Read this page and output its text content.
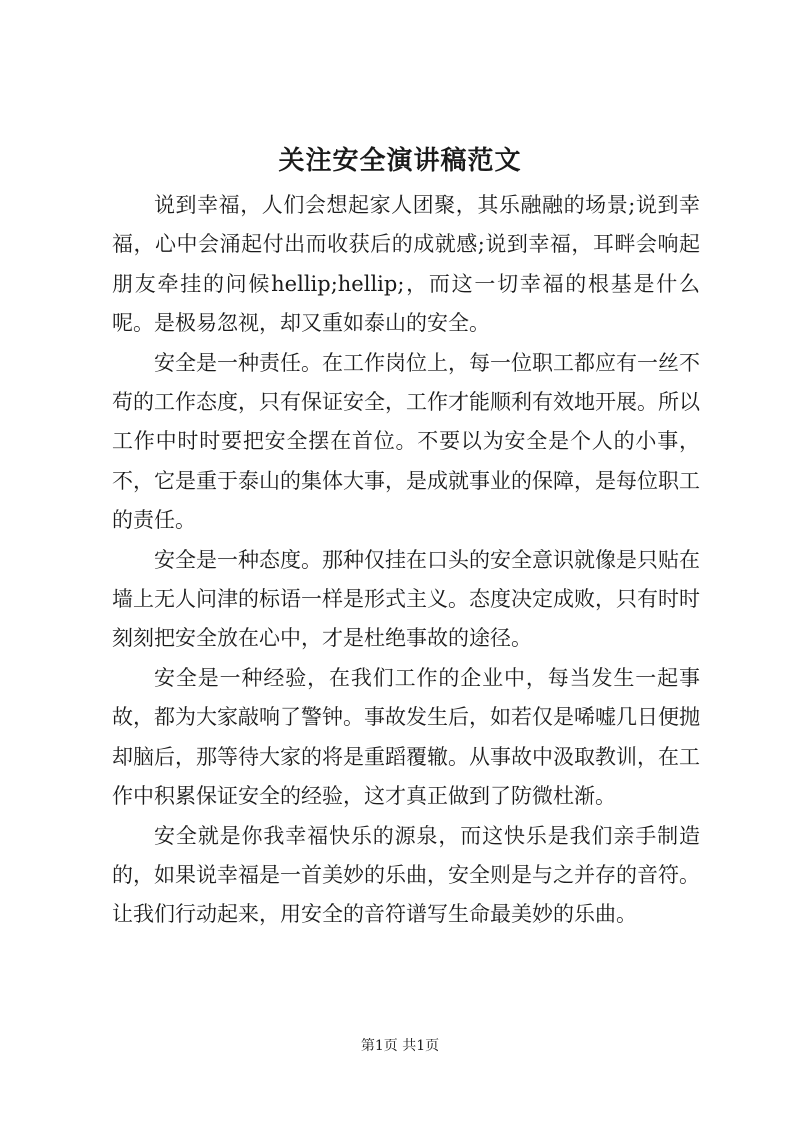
关注安全演讲稿范文

说到幸福，人们会想起家人团聚，其乐融融的场景;说到幸福，心中会涌起付出而收获后的成就感;说到幸福，耳畔会响起朋友牵挂的问候hellip;hellip;，而这一切幸福的根基是什么呢。是极易忽视，却又重如泰山的安全。

安全是一种责任。在工作岗位上，每一位职工都应有一丝不苟的工作态度，只有保证安全，工作才能顺利有效地开展。所以工作中时时要把安全摆在首位。不要以为安全是个人的小事，不，它是重于泰山的集体大事，是成就事业的保障，是每位职工的责任。

安全是一种态度。那种仅挂在口头的安全意识就像是只贴在墙上无人问津的标语一样是形式主义。态度决定成败，只有时时刻刻把安全放在心中，才是杜绝事故的途径。

安全是一种经验，在我们工作的企业中，每当发生一起事故，都为大家敲响了警钟。事故发生后，如若仅是唏嘘几日便抛却脑后，那等待大家的将是重蹈覆辙。从事故中汲取教训，在工作中积累保证安全的经验，这才真正做到了防微杜渐。

安全就是你我幸福快乐的源泉，而这快乐是我们亲手制造的，如果说幸福是一首美妙的乐曲，安全则是与之并存的音符。让我们行动起来，用安全的音符谱写生命最美妙的乐曲。

第1页 共1页
